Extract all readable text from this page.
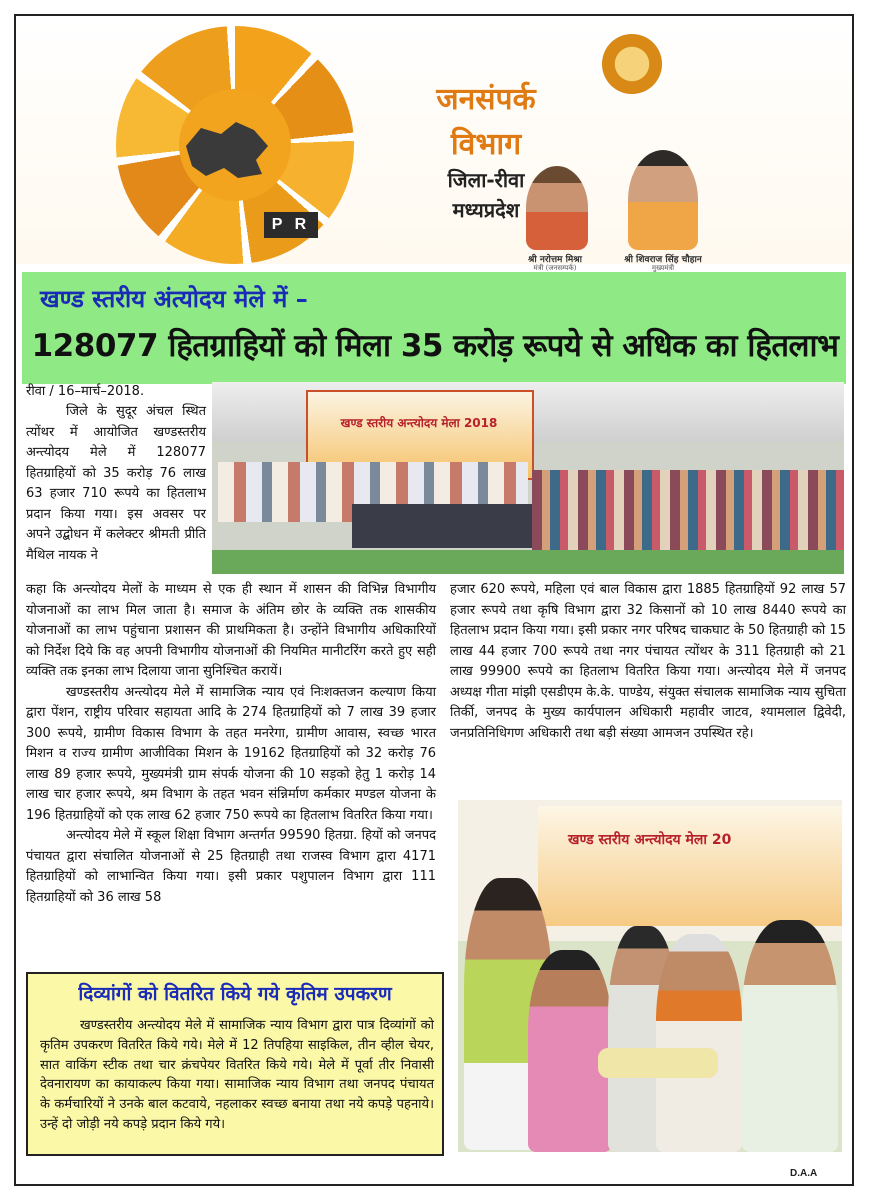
P R
जनसंपर्क
विभाग
जिला-रीवा
मध्यप्रदेश
श्री नरोत्तम मिश्रा	श्री शिवराज सिंह चौहान
मंत्री (जनसम्पर्क)	मुख्यमंत्री
खण्ड स्तरीय अंत्योदय मेले में –
128077 हितग्राहियों को मिला 35 करोड़ रूपये से अधिक का हितलाभ
रीवा / 16–मार्च–2018.

जिले के सुदूर अंचल स्थित त्योंथर में आयोजित खण्डस्तरीय अन्त्योदय मेले में 128077 हितग्राहियों को 35 करोड़ 76 लाख 63 हजार 710 रूपये का हितलाभ प्रदान किया गया। इस अवसर पर अपने उद्बोधन में कलेक्टर श्रीमती प्रीति मैथिल नायक ने

खण्ड स्तरीय अन्त्योदय मेला 2018

कहा कि अन्त्योदय मेलों के माध्यम से एक ही स्थान में शासन की विभिन्न विभागीय योजनाओं का लाभ मिल जाता है। समाज के अंतिम छोर के व्यक्ति तक शासकीय योजनाओं का लाभ पहुंचाना प्रशासन की प्राथमिकता है। उन्होंने विभागीय अधिकारियों को निर्देश दिये कि वह अपनी विभागीय योजनाओं की नियमित मानीटरिंग करते हुए सही व्यक्ति तक इनका लाभ दिलाया जाना सुनिश्चित करायें।

खण्डस्तरीय अन्त्योदय मेले में सामाजिक न्याय एवं निःशक्तजन कल्याण किया द्वारा पेंशन, राष्ट्रीय परिवार सहायता आदि के 274 हितग्राहियों को 7 लाख 39 हजार 300 रूपये, ग्रामीण विकास विभाग के तहत मनरेगा, ग्रामीण आवास, स्वच्छ भारत मिशन व राज्य ग्रामीण आजीविका मिशन के 19162 हितग्राहियों को 32 करोड़ 76 लाख 89 हजार रूपये, मुख्यमंत्री ग्राम संपर्क योजना की 10 सड़को हेतु 1 करोड़ 14 लाख चार हजार रूपये, श्रम विभाग के तहत भवन संन्निर्माण कर्मकार मण्डल योजना के 196 हितग्राहियों को एक लाख 62 हजार 750 रूपये का हितलाभ वितरित किया गया।

अन्त्योदय मेले में स्कूल शिक्षा विभाग अन्तर्गत 99590 हितग्रा. हियों को जनपद पंचायत द्वारा संचालित योजनाओं से 25 हितग्राही तथा राजस्व विभाग द्वारा 4171 हितग्राहियों को लाभान्वित किया गया। इसी प्रकार पशुपालन विभाग द्वारा 111 हितग्राहियों को 36 लाख 58

हजार 620 रूपये, महिला एवं बाल विकास द्वारा 1885 हितग्राहियों 92 लाख 57 हजार रूपये तथा कृषि विभाग द्वारा 32 किसानों को 10 लाख 8440 रूपये का हितलाभ प्रदान किया गया। इसी प्रकार नगर परिषद चाकघाट के 50 हितग्राही को 15 लाख 44 हजार 700 रूपये तथा नगर पंचायत त्योंथर के 311 हितग्राही को 21 लाख 99900 रूपये का हितलाभ वितरित किया गया। अन्त्योदय मेले में जनपद अध्यक्ष गीता मांझी एसडीएम के.के. पाण्डेय, संयुक्त संचालक सामाजिक न्याय सुचिता तिर्की, जनपद के मुख्य कार्यपालन अधिकारी महावीर जाटव, श्यामलाल द्विवेदी, जनप्रतिनिधिगण अधिकारी तथा बड़ी संख्या आमजन उपस्थित रहे।

खण्ड स्तरीय अन्त्योदय मेला 20
दिव्यांगों को वितरित किये गये कृतिम उपकरण

खण्डस्तरीय अन्त्योदय मेले में सामाजिक न्याय विभाग द्वारा पात्र दिव्यांगों को कृतिम उपकरण वितरित किये गये। मेले में 12 तिपहिया साइकिल, तीन व्हील चेयर, सात वाकिंग स्टीक तथा चार क्रंचपेयर वितरित किये गये। मेले में पूर्वा तीर निवासी देवनारायण का कायाकल्प किया गया। सामाजिक न्याय विभाग तथा जनपद पंचायत के कर्मचारियों ने उनके बाल कटवाये, नहलाकर स्वच्छ बनाया तथा नये कपड़े पहनाये। उन्हें दो जोड़ी नये कपड़े प्रदान किये गये।

D.A.A
